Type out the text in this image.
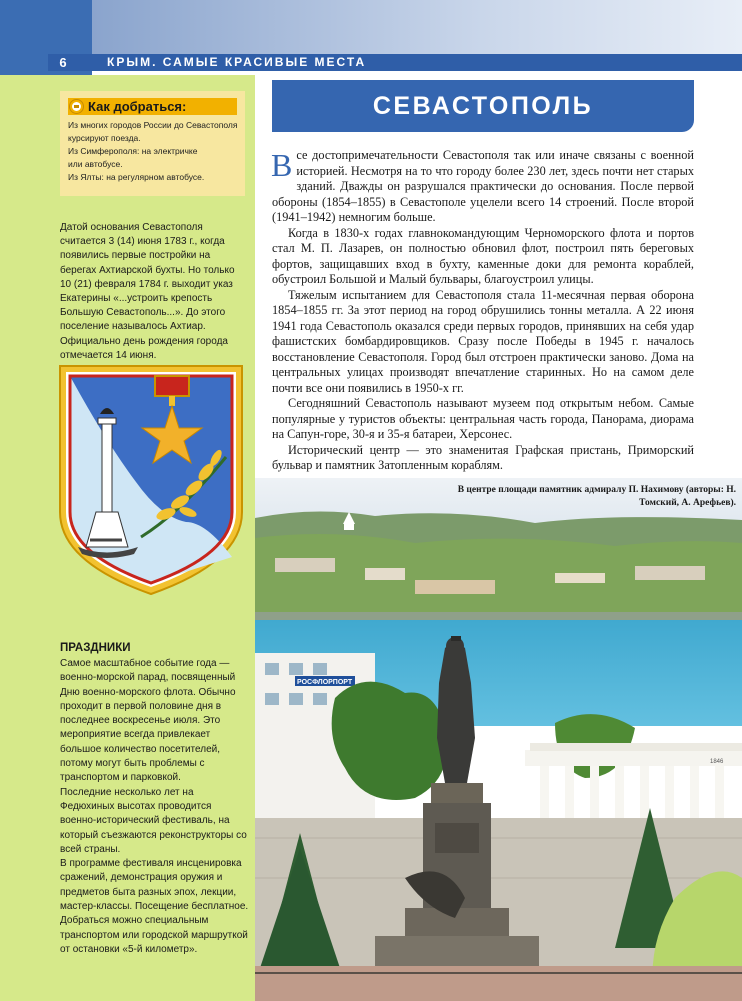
6	КРЫМ. САМЫЕ КРАСИВЫЕ МЕСТА
Как добраться:
Из многих городов России до Севастополя
курсируют поезда.
Из Симферополя: на электричке
или автобусе.
Из Ялты: на регулярном автобусе.
Датой основания Севастополя считается 3 (14) июня 1783 г., когда появились первые постройки на берегах Ахтиарской бухты. Но только 10 (21) февраля 1784 г. выходит указ Екатерины «...устроить крепость Большую Севастополь...». До этого поселение называлось Ахтиар. Официально день рождения города отмечается 14 июня.
ПРАЗДНИКИ

Самое масштабное событие года — военно-морской парад, посвященный Дню военно-морского флота. Обычно проходит в первой половине дня в последнее воскресенье июля. Это мероприятие всегда привлекает большое количество посетителей, потому могут быть проблемы с транспортом и парковкой.

Последние несколько лет на Федюхиных высотах проводится военно-исторический фестиваль, на который съезжаются реконструкторы со всей страны.

В программе фестиваля инсценировка сражений, демонстрация оружия и предметов быта разных эпох, лекции, мастер-классы. Посещение бесплатное. Добраться можно специальным транспортом или городской маршруткой от остановки «5-й километр».

СЕВАСТОПОЛЬ

Все достопримечательности Севастополя так или иначе связаны с военной историей. Несмотря на то что городу более 230 лет, здесь почти нет старых зданий. Дважды он разрушался практически до основания. После первой обороны (1854–1855) в Севастополе уцелели всего 14 строений. После второй (1941–1942) немногим больше.

Когда в 1830-х годах главнокомандующим Черноморского флота и портов стал М. П. Лазарев, он полностью обновил флот, построил пять береговых фортов, защищавших вход в бухту, каменные доки для ремонта кораблей, обустроил Большой и Малый бульвары, благоустроил улицы.

Тяжелым испытанием для Севастополя стала 11-месячная первая оборона 1854–1855 гг. За этот период на город обрушились тонны металла. А 22 июня 1941 года Севастополь оказался среди первых городов, принявших на себя удар фашистских бомбардировщиков. Сразу после Победы в 1945 г. началось восстановление Севастополя. Город был отстроен практически заново. Дома на центральных улицах производят впечатление старинных. Но на самом деле почти все они появились в 1950-х гг.

Сегодняшний Севастополь называют музеем под открытым небом. Самые популярные у туристов объекты: центральная часть города, Панорама, диорама на Сапун-горе, 30-я и 35-я батареи, Херсонес.

Исторический центр — это знаменитая Графская пристань, Приморский бульвар и памятник Затопленным кораблям.

РОСФЛОРПОРТ
1846
В центре площади памятник адмиралу П. Нахимову (авторы: Н. Томский, А. Арефьев).
